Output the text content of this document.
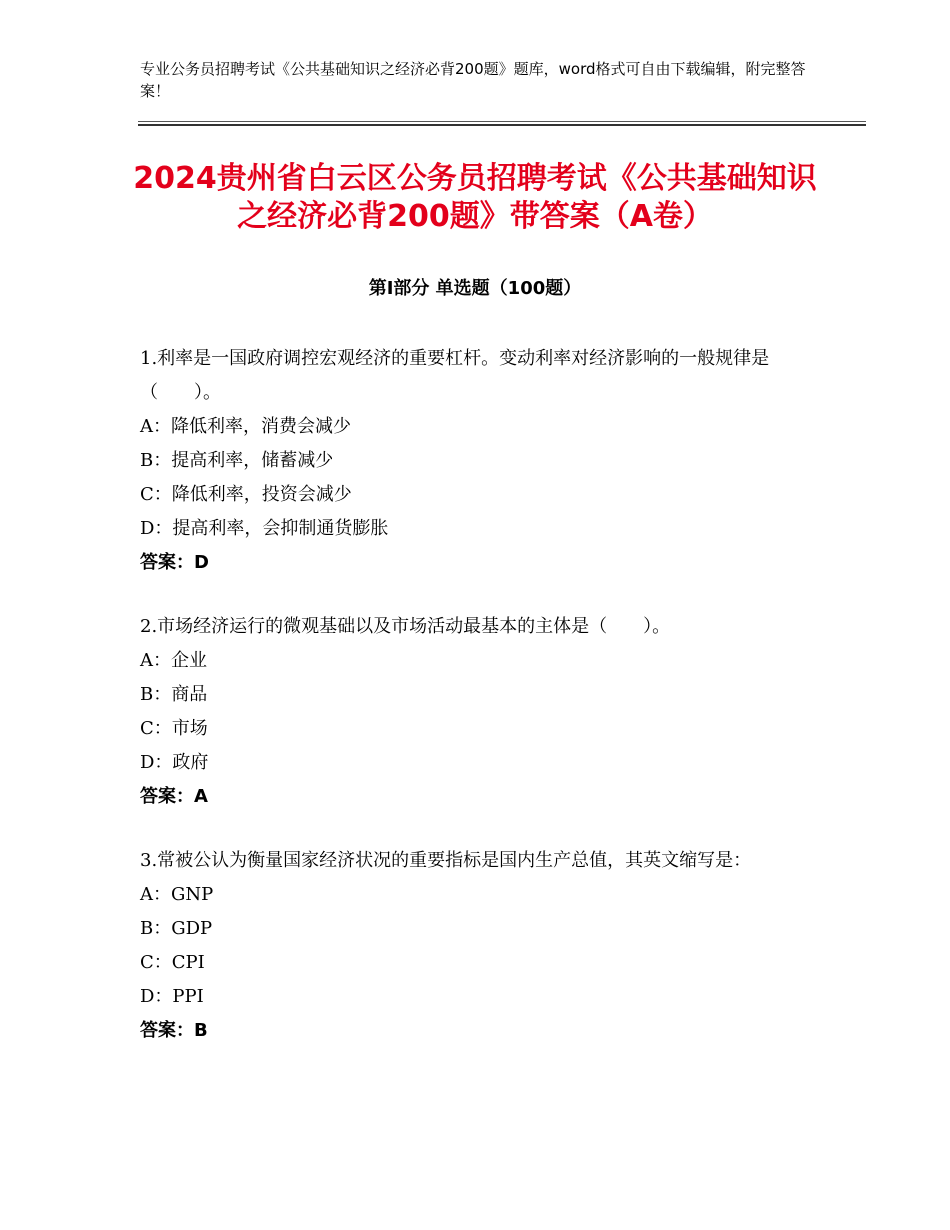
专业公务员招聘考试《公共基础知识之经济必背200题》题库，word格式可自由下载编辑，附完整答案！
2024贵州省白云区公务员招聘考试《公共基础知识之经济必背200题》带答案（A卷）
第Ⅰ部分 单选题（100题）
1.利率是一国政府调控宏观经济的重要杠杆。变动利率对经济影响的一般规律是（　　）。
A：降低利率，消费会减少
B：提高利率，储蓄减少
C：降低利率，投资会减少
D：提高利率，会抑制通货膨胀
答案：D
2.市场经济运行的微观基础以及市场活动最基本的主体是（　　）。
A：企业
B：商品
C：市场
D：政府
答案：A
3.常被公认为衡量国家经济状况的重要指标是国内生产总值，其英文缩写是：
A：GNP
B：GDP
C：CPI
D：PPI
答案：B
